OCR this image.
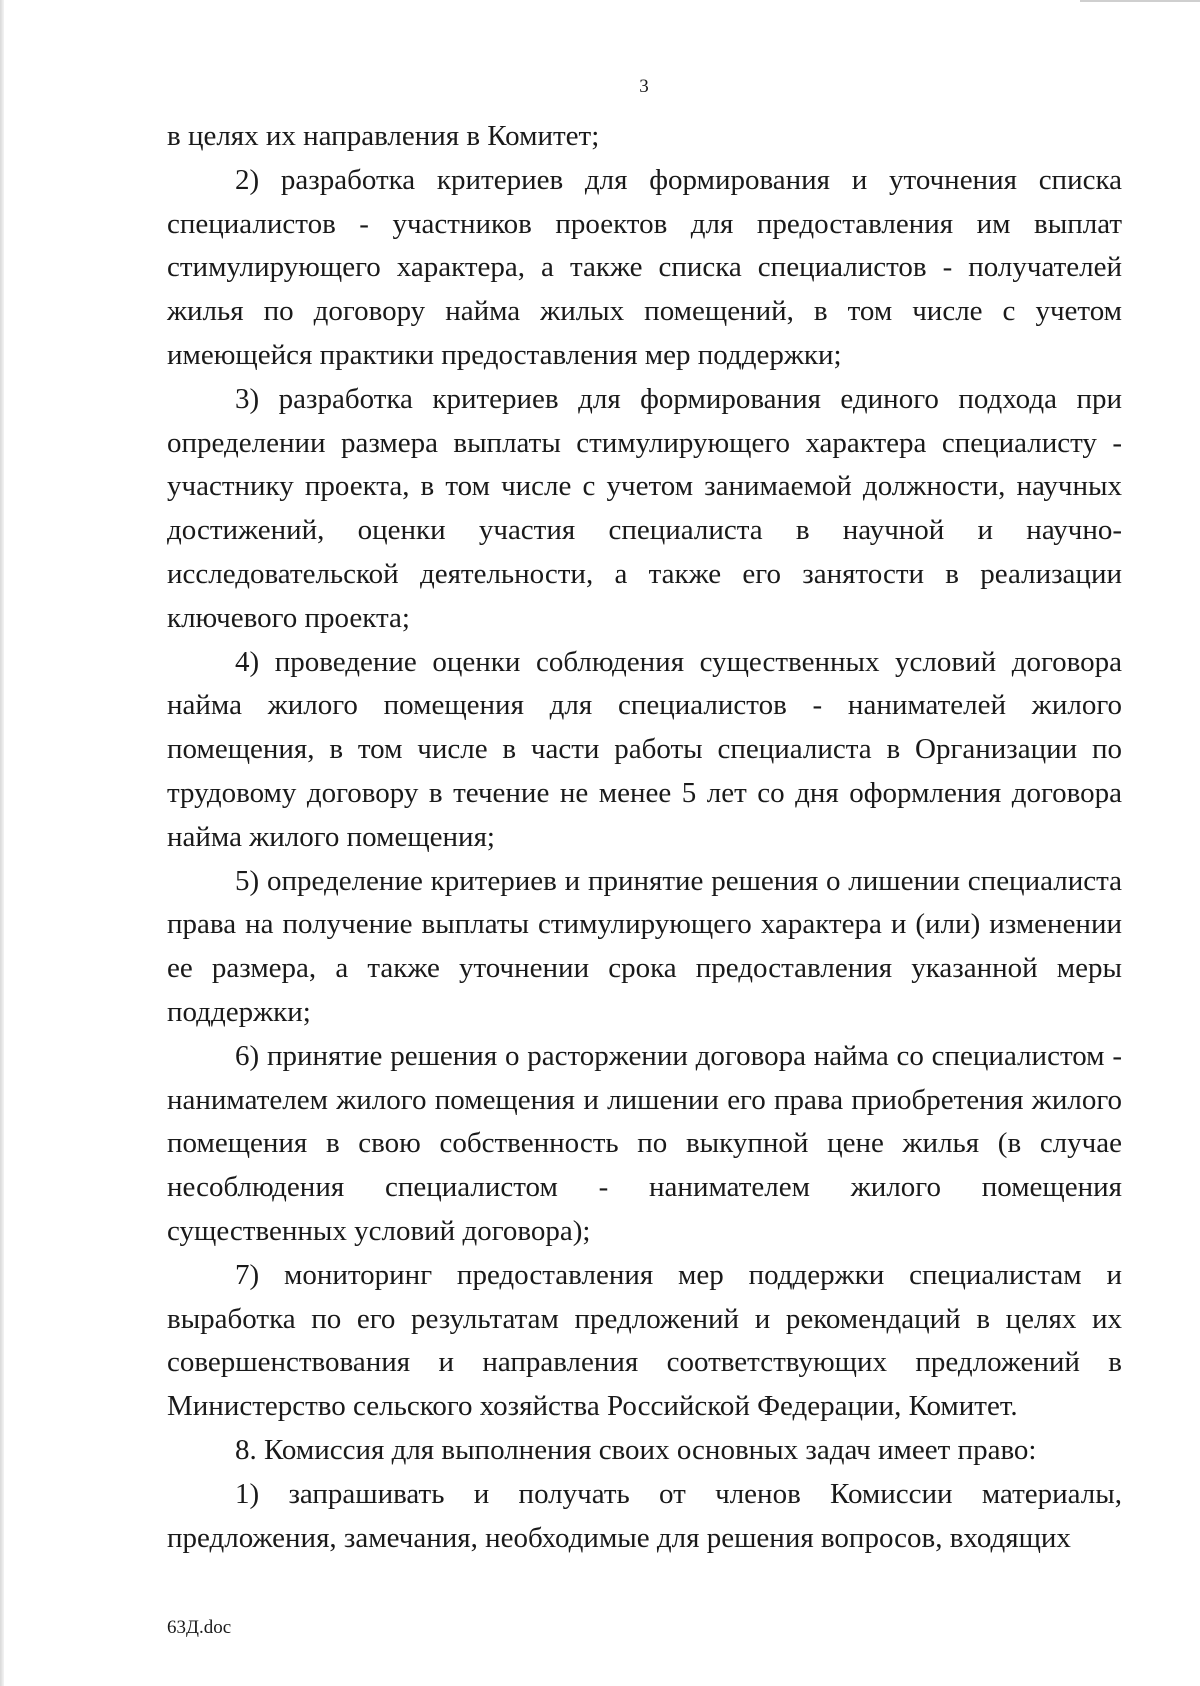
3

в целях их направления в Комитет;

2) разработка критериев для формирования и уточнения списка специалистов - участников проектов для предоставления им выплат стимулирующего характера, а также списка специалистов - получателей жилья по договору найма жилых помещений, в том числе с учетом имеющейся практики предоставления мер поддержки;

3) разработка критериев для формирования единого подхода при определении размера выплаты стимулирующего характера специалисту - участнику проекта, в том числе с учетом занимаемой должности, научных достижений, оценки участия специалиста в научной и научно-исследовательской деятельности, а также его занятости в реализации ключевого проекта;

4) проведение оценки соблюдения существенных условий договора найма жилого помещения для специалистов - нанимателей жилого помещения, в том числе в части работы специалиста в Организации по трудовому договору в течение не менее 5 лет со дня оформления договора найма жилого помещения;

5) определение критериев и принятие решения о лишении специалиста права на получение выплаты стимулирующего характера и (или) изменении ее размера, а также уточнении срока предоставления указанной меры поддержки;

6) принятие решения о расторжении договора найма со специалистом - нанимателем жилого помещения и лишении его права приобретения жилого помещения в свою собственность по выкупной цене жилья (в случае несоблюдения специалистом - нанимателем жилого помещения существенных условий договора);

7) мониторинг предоставления мер поддержки специалистам и выработка по его результатам предложений и рекомендаций в целях их совершенствования и направления соответствующих предложений в Министерство сельского хозяйства Российской Федерации, Комитет.

8. Комиссия для выполнения своих основных задач имеет право:

1) запрашивать и получать от членов Комиссии материалы, предложения, замечания, необходимые для решения вопросов, входящих

63Д.doc
